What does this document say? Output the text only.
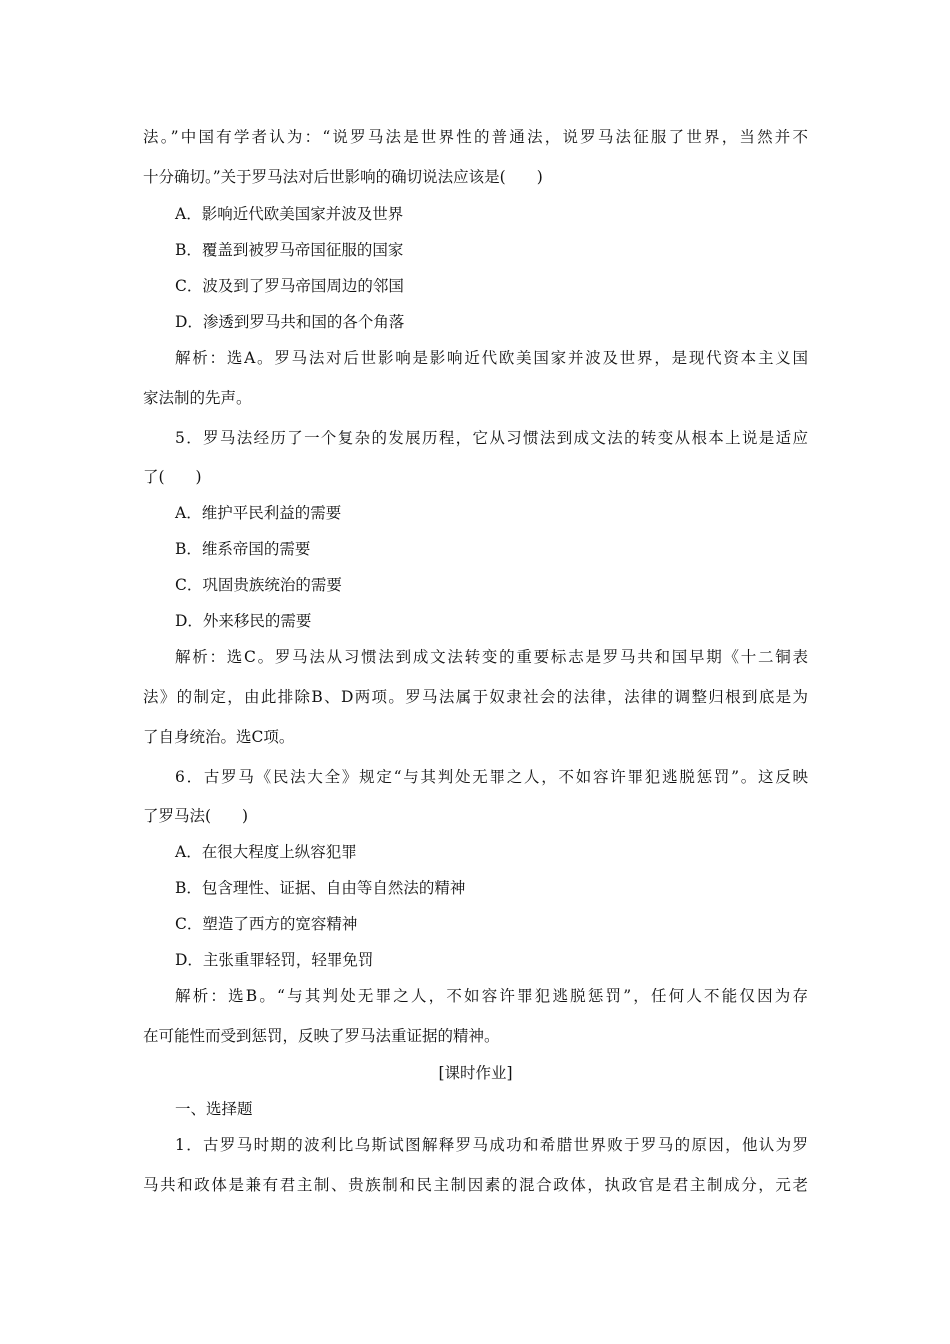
法。”中国有学者认为：“说罗马法是世界性的普通法，说罗马法征服了世界，当然并不
十分确切。”关于罗马法对后世影响的确切说法应该是(　　)
A．影响近代欧美国家并波及世界
B．覆盖到被罗马帝国征服的国家
C．波及到了罗马帝国周边的邻国
D．渗透到罗马共和国的各个角落
解析：选A。罗马法对后世影响是影响近代欧美国家并波及世界，是现代资本主义国
家法制的先声。
5．罗马法经历了一个复杂的发展历程，它从习惯法到成文法的转变从根本上说是适应
了(　　)
A．维护平民利益的需要
B．维系帝国的需要
C．巩固贵族统治的需要
D．外来移民的需要
解析：选C。罗马法从习惯法到成文法转变的重要标志是罗马共和国早期《十二铜表
法》的制定，由此排除B、D两项。罗马法属于奴隶社会的法律，法律的调整归根到底是为
了自身统治。选C项。
6．古罗马《民法大全》规定“与其判处无罪之人，不如容许罪犯逃脱惩罚”。这反映
了罗马法(　　)
A．在很大程度上纵容犯罪
B．包含理性、证据、自由等自然法的精神
C．塑造了西方的宽容精神
D．主张重罪轻罚，轻罪免罚
解析：选B。“与其判处无罪之人，不如容许罪犯逃脱惩罚”，任何人不能仅因为存
在可能性而受到惩罚，反映了罗马法重证据的精神。
[课时作业]
一、选择题
1．古罗马时期的波利比乌斯试图解释罗马成功和希腊世界败于罗马的原因，他认为罗
马共和政体是兼有君主制、贵族制和民主制因素的混合政体，执政官是君主制成分，元老
